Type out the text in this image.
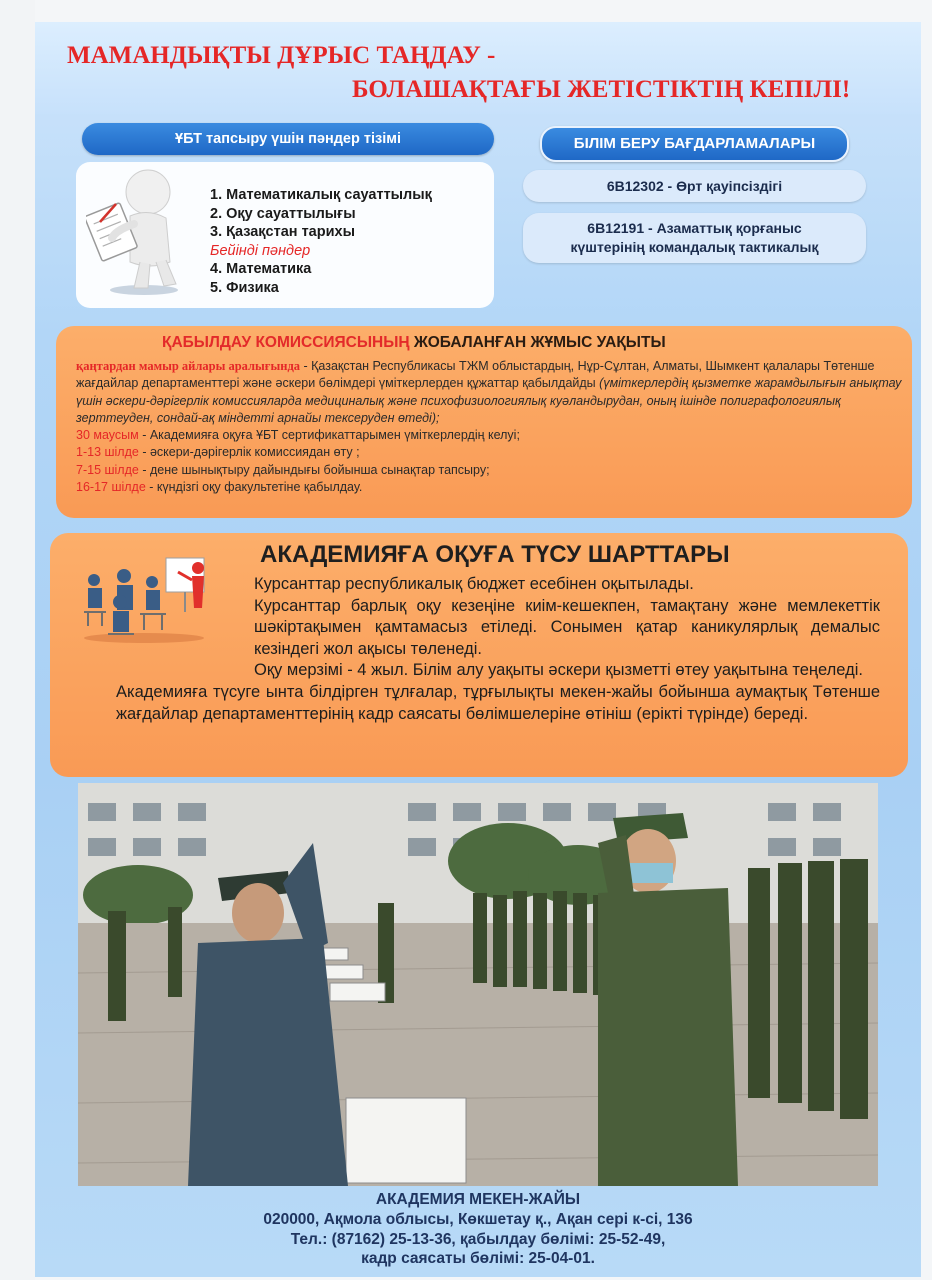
МАМАНДЫҚТЫ ДҰРЫС ТАҢДАУ -
БОЛАШАҚТАҒЫ ЖЕТІСТІКТІҢ КЕПІЛІ!
ҰБТ тапсыру үшін пәндер тізімі
1. Математикалық сауаттылық
2. Оқу сауаттылығы
3. Қазақстан тарихы
Бейінді пәндер
4. Математика
5. Физика
БІЛІМ БЕРУ БАҒДАРЛАМАЛАРЫ
6В12302 - Өрт қауіпсіздігі
6В12191 - Азаматтық қорғаныс
күштерінің командалық тактикалық
ҚАБЫЛДАУ КОМИССИЯСЫНЫҢ ЖОБАЛАНҒАН ЖҰМЫС УАҚЫТЫ
қаңтардан мамыр айлары аралығында - Қазақстан Республикасы ТЖМ облыстардың, Нұр-Сұлтан, Алматы, Шымкент қалалары Төтенше жағдайлар департаменттері және әскери бөлімдері үміткерлерден құжаттар қабылдайды (үміткерлердің қызметке жарамдылығын анықтау үшін әскери-дәрігерлік комиссияларда медициналық және психофизиологиялық куәландырудан, оның ішінде полиграфологиялық зерттеуден, сондай-ақ міндетті арнайы тексеруден өтеді);
30 маусым - Академияға оқуға ҰБТ сертификаттарымен үміткерлердің келуі;
1-13 шілде - әскери-дәрігерлік комиссиядан өту ;
7-15 шілде - дене шынықтыру дайындығы бойынша сынақтар тапсыру;
16-17 шілде - күндізгі оқу факультетіне қабылдау.
АКАДЕМИЯҒА ОҚУҒА ТҮСУ ШАРТТАРЫ

Курсанттар республикалық бюджет есебінен оқытылады.

Курсанттар барлық оқу кезеңіне киім-кешекпен, тамақтану және мемлекеттік шәкіртақымен қамтамасыз етіледі. Сонымен қатар каникулярлық демалыс кезіндегі жол ақысы төленеді.

Оқу мерзімі - 4 жыл. Білім алу уақыты әскери қызметті өтеу уақытына теңеледі.

Академияға түсуге ынта білдірген тұлғалар, тұрғылықты мекен-жайы бойынша аумақтық Төтенше жағдайлар департаменттерінің кадр саясаты бөлімшелеріне өтініш (ерікті түрінде) береді.

АКАДЕМИЯ МЕКЕН-ЖАЙЫ
020000, Ақмола облысы, Көкшетау қ., Ақан сері к-сі, 136
Тел.: (87162) 25-13-36, қабылдау бөлімі: 25-52-49,
кадр саясаты бөлімі: 25-04-01.
